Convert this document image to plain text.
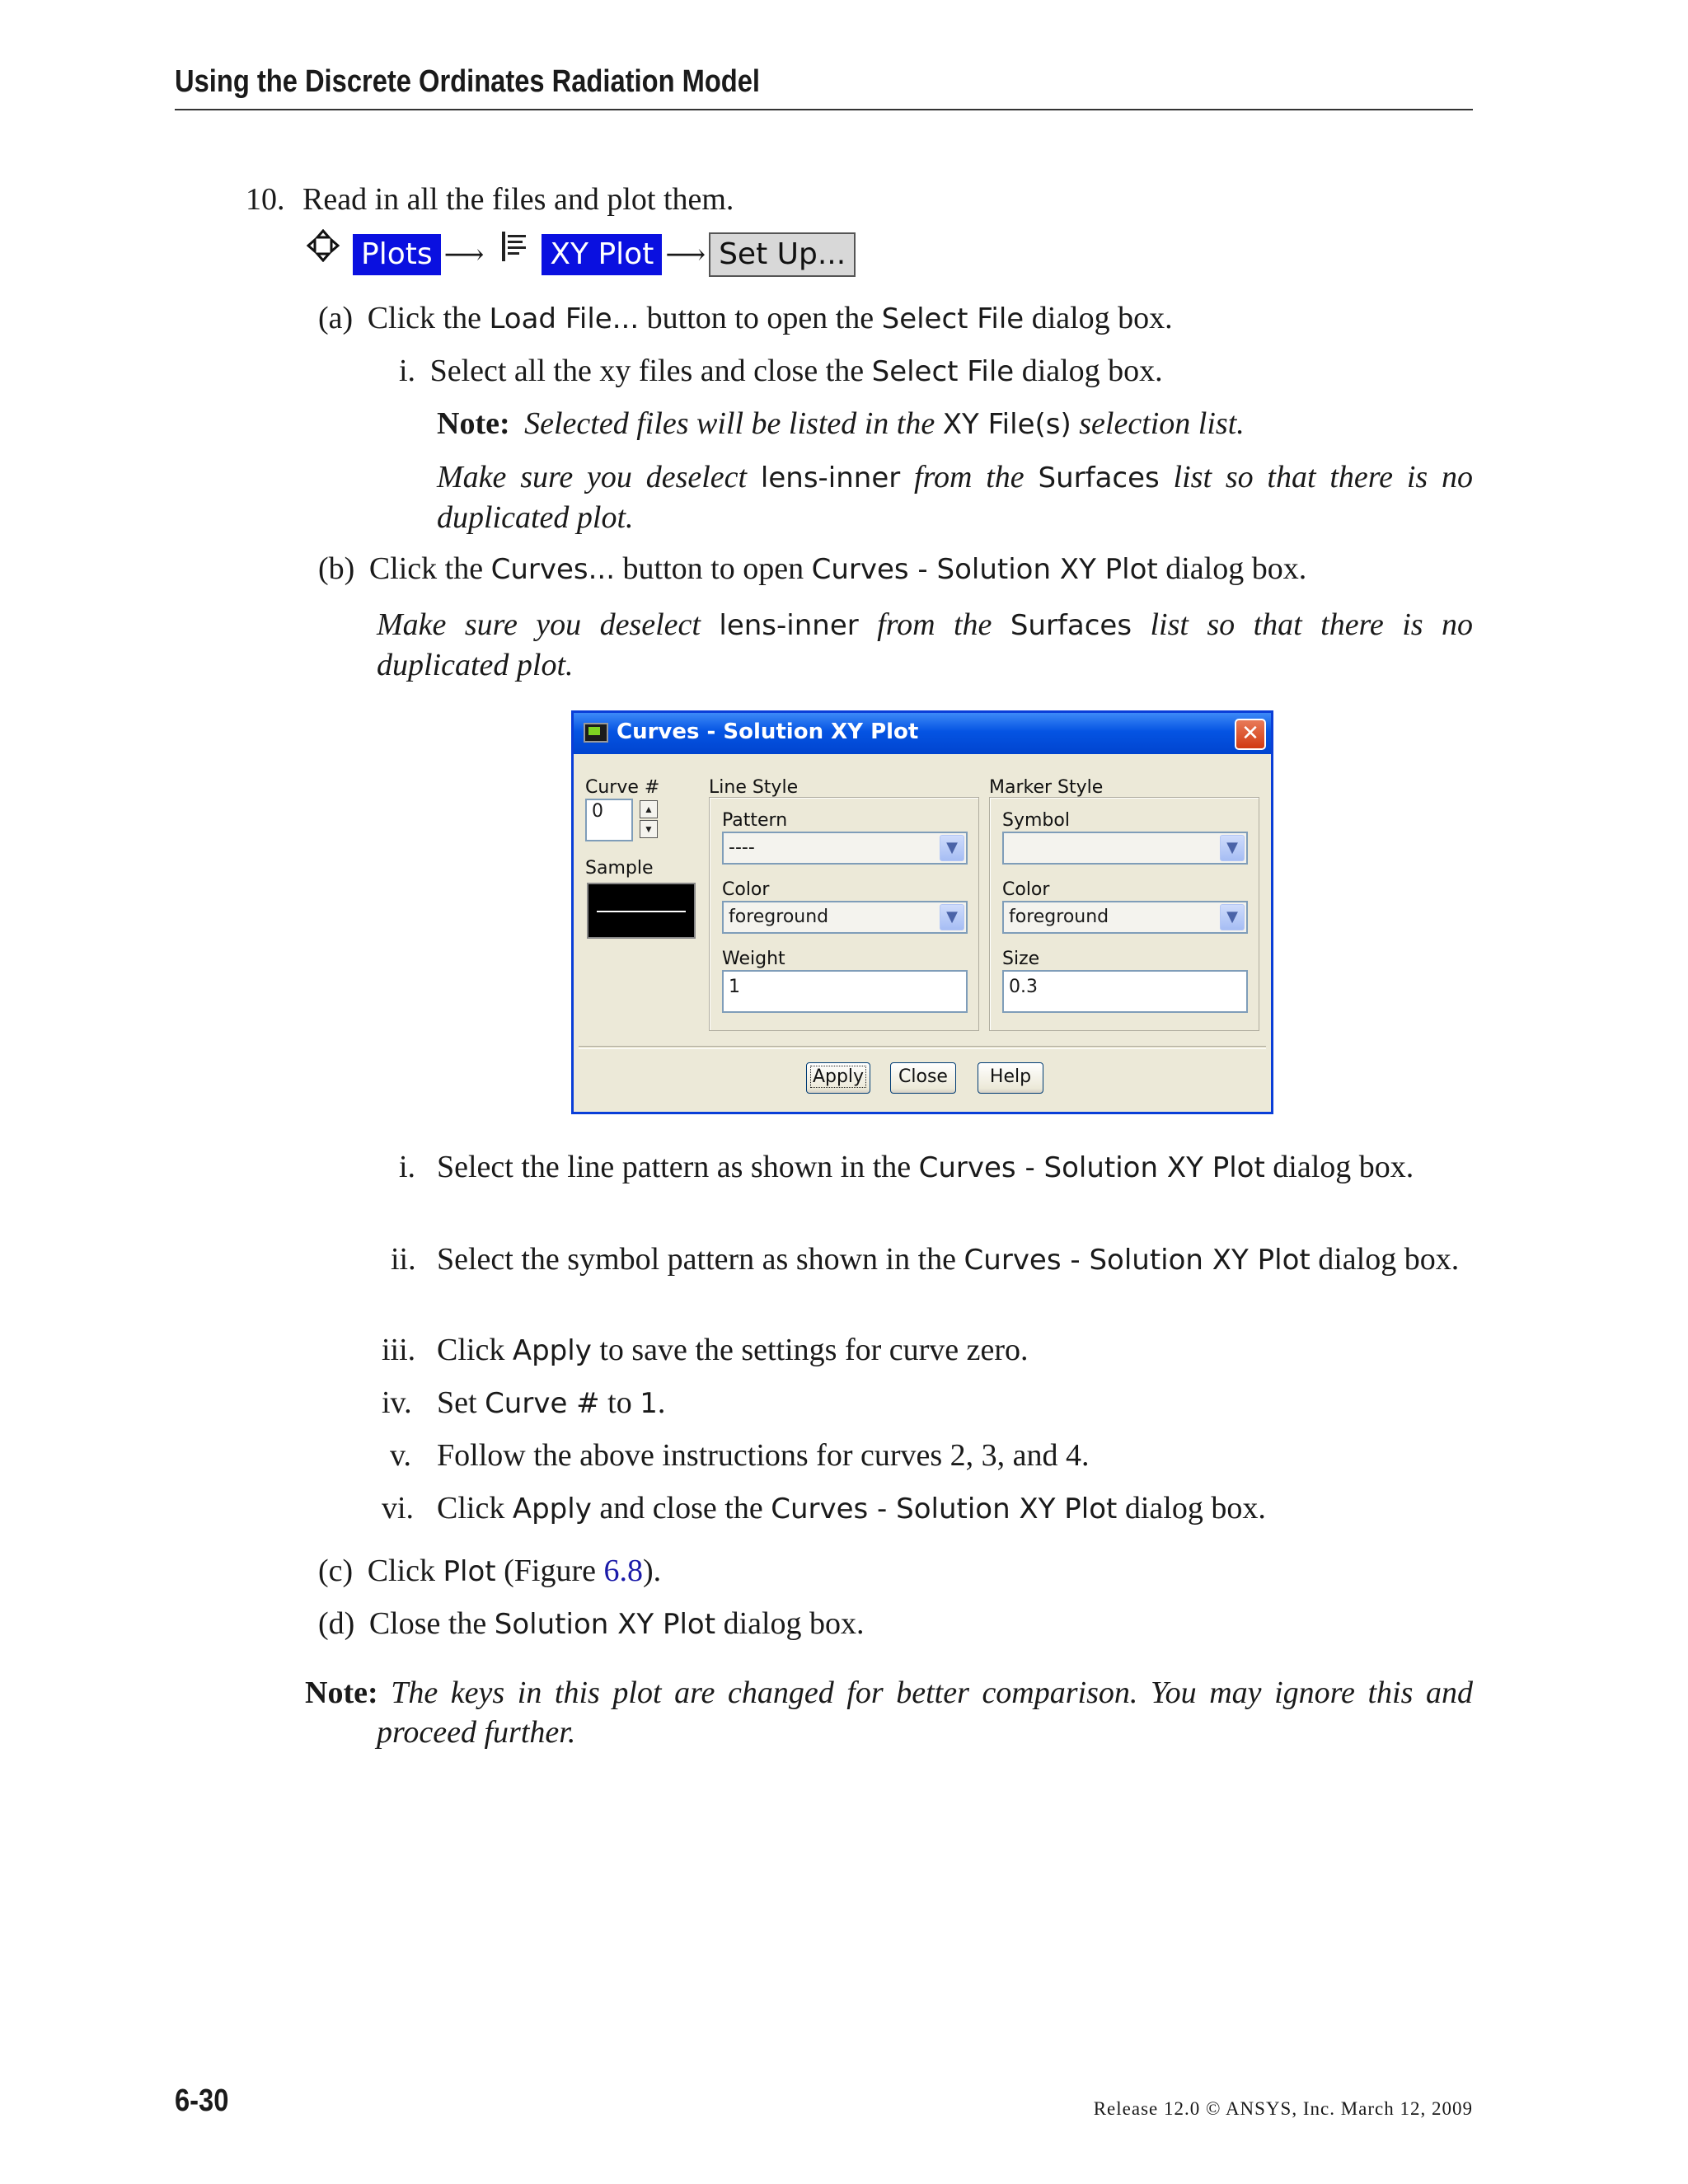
Using the Discrete Ordinates Radiation Model
10. Read in all the files and plot them.
Plots ⟶ XY Plot ⟶ Set Up...
(a) Click the Load File... button to open the Select File dialog box.
i. Select all the xy files and close the Select File dialog box.
Note: Selected files will be listed in the XY File(s) selection list.
Make sure you deselect lens-inner from the Surfaces list so that there is no duplicated plot.
(b) Click the Curves... button to open Curves - Solution XY Plot dialog box.
Make sure you deselect lens-inner from the Surfaces list so that there is no duplicated plot.
Curves - Solution XY Plot	✕
Curve #
0	▲
▼
Sample
Line Style
Pattern
----	▼
Color
foreground	▼
Weight
1
Marker Style
Symbol
▼
Color
foreground	▼
Size
0.3
Apply	Close	Help
i. Select the line pattern as shown in the Curves - Solution XY Plot dialog box.
ii. Select the symbol pattern as shown in the Curves - Solution XY Plot dialog box.
iii. Click Apply to save the settings for curve zero.
iv. Set Curve # to 1.
v. Follow the above instructions for curves 2, 3, and 4.
vi. Click Apply and close the Curves - Solution XY Plot dialog box.
(c) Click Plot (Figure 6.8).
(d) Close the Solution XY Plot dialog box.
Note: The keys in this plot are changed for better comparison. You may ignore this and proceed further.
6-30	Release 12.0 © ANSYS, Inc. March 12, 2009
